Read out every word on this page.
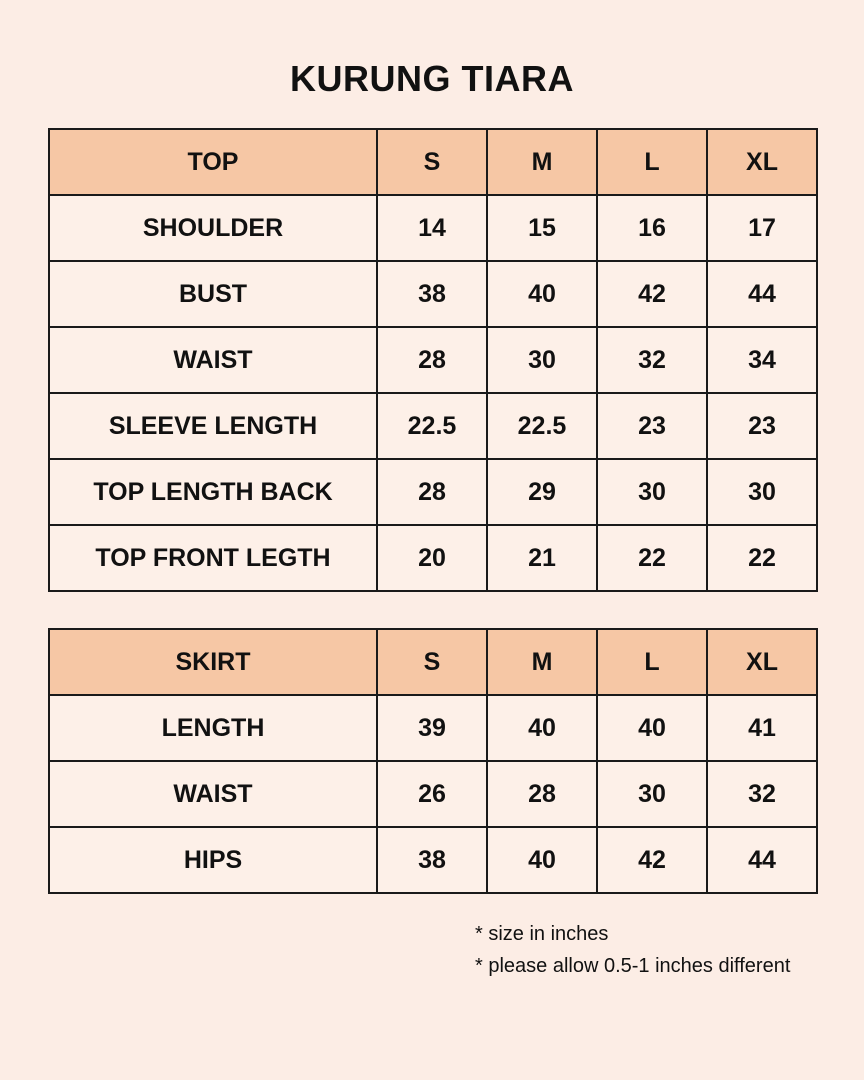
KURUNG TIARA
TOP	S	M	L	XL
SHOULDER	14	15	16	17
BUST	38	40	42	44
WAIST	28	30	32	34
SLEEVE LENGTH	22.5	22.5	23	23
TOP LENGTH BACK	28	29	30	30
TOP FRONT LEGTH	20	21	22	22
SKIRT	S	M	L	XL
LENGTH	39	40	40	41
WAIST	26	28	30	32
HIPS	38	40	42	44
* size in inches
* please allow 0.5-1 inches different
